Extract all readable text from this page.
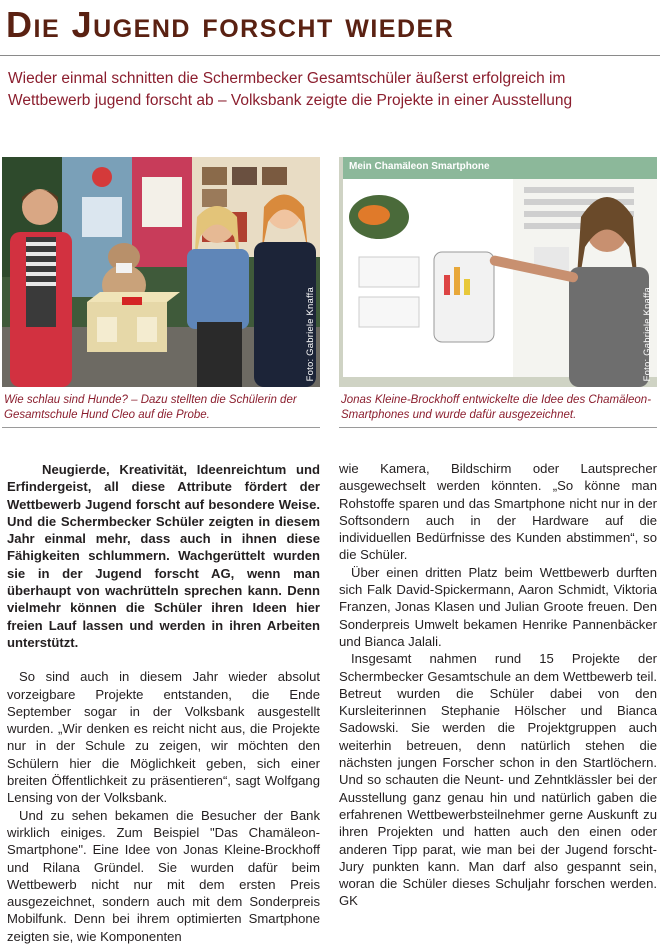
Die Jugend forscht wieder
Wieder einmal schnitten die Schermbecker Gesamtschüler äußerst erfolgreich im Wettbewerb jugend forscht ab – Volksbank zeigte die Projekte in einer Ausstellung
Foto: Gabriele Knaffa
Mein Chamäleon Smartphone
Foto: Gabriele Knaffa
Wie schlau sind Hunde? – Dazu stellten die Schülerin der Gesamtschule Hund Cleo auf die Probe.
Jonas Kleine-Brockhoff entwickelte die Idee des Chamäleon-Smartphones und wurde dafür ausgezeichnet.

Neugierde, Kreativität, Ideenreichtum und Erfindergeist, all diese Attribute fördert der Wettbewerb Jugend forscht auf besondere Weise. Und die Schermbecker Schüler zeigten in diesem Jahr einmal mehr, dass auch in ihnen diese Fähigkeiten schlummern. Wachgerüttelt wurden sie in der Jugend forscht AG, wenn man überhaupt von wachrütteln sprechen kann. Denn vielmehr können die Schüler ihren Ideen hier freien Lauf lassen und werden in ihren Arbeiten unterstützt.

So sind auch in diesem Jahr wieder absolut vorzeigbare Projekte entstanden, die Ende September sogar in der Volksbank ausgestellt wurden. „Wir denken es reicht nicht aus, die Projekte nur in der Schule zu zeigen, wir möchten den Schülern hier die Möglichkeit geben, sich einer breiten Öffentlichkeit zu präsentieren“, sagt Wolfgang Lensing von der Volksbank.

Und zu sehen bekamen die Besucher der Bank wirklich einiges. Zum Beispiel "Das Chamäleon-Smartphone". Eine Idee von Jonas Kleine-Brockhoff und Rilana Gründel. Sie wurden dafür beim Wettbewerb nicht nur mit dem ersten Preis ausgezeichnet, sondern auch mit dem Sonderpreis Mobilfunk. Denn bei ihrem optimierten Smartphone zeigten sie, wie Komponenten

wie Kamera, Bildschirm oder Lautsprecher ausgewechselt werden könnten. „So könne man Rohstoffe sparen und das Smartphone nicht nur in der Softsondern auch in der Hardware auf die individuellen Bedürfnisse des Kunden abstimmen“, so die Schüler.

Über einen dritten Platz beim Wettbewerb durften sich Falk David-Spickermann, Aaron Schmidt, Viktoria Franzen, Jonas Klasen und Julian Groote freuen. Den Sonderpreis Umwelt bekamen Henrike Pannenbäcker und Bianca Jalali.

Insgesamt nahmen rund 15 Projekte der Schermbecker Gesamtschule an dem Wettbewerb teil. Betreut wurden die Schüler dabei von den Kursleiterinnen Stephanie Hölscher und Bianca Sadowski. Sie werden die Projektgruppen auch weiterhin betreuen, denn natürlich stehen die nächsten jungen Forscher schon in den Startlöchern. Und so schauten die Neunt- und Zehntklässler bei der Ausstellung ganz genau hin und natürlich gaben die erfahrenen Wettbewerbsteilnehmer gerne Auskunft zu ihren Projekten und hatten auch den einen oder anderen Tipp parat, wie man bei der Jugend forscht-Jury punkten kann. Man darf also gespannt sein, woran die Schüler dieses Schuljahr forschen werden. GK
